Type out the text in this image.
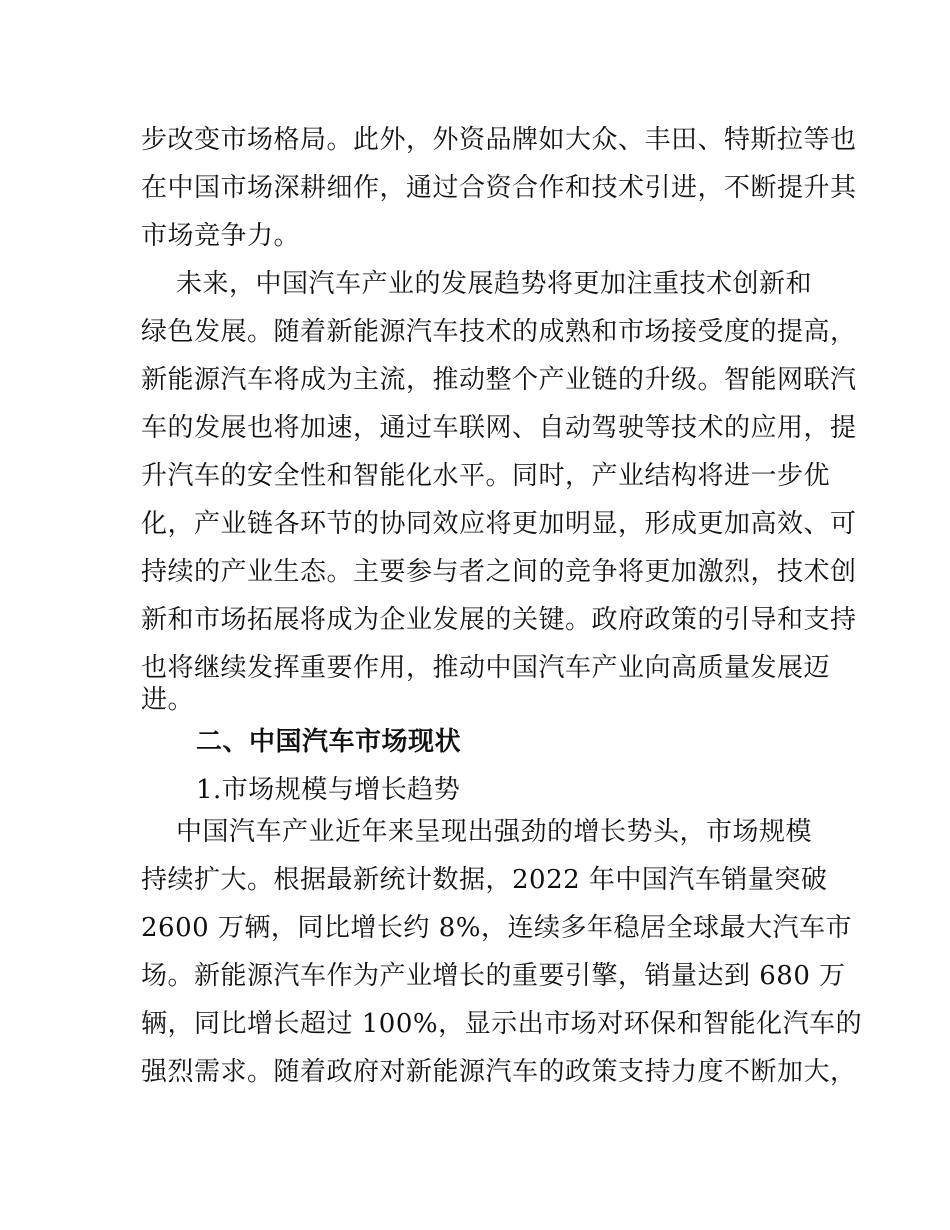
步改变市场格局。此外，外资品牌如大众、丰田、特斯拉等也
在中国市场深耕细作，通过合资合作和技术引进，不断提升其
市场竞争力。
未来，中国汽车产业的发展趋势将更加注重技术创新和
绿色发展。随着新能源汽车技术的成熟和市场接受度的提高，
新能源汽车将成为主流，推动整个产业链的升级。智能网联汽
车的发展也将加速，通过车联网、自动驾驶等技术的应用，提
升汽车的安全性和智能化水平。同时，产业结构将进一步优
化，产业链各环节的协同效应将更加明显，形成更加高效、可
持续的产业生态。主要参与者之间的竞争将更加激烈，技术创
新和市场拓展将成为企业发展的关键。政府政策的引导和支持
也将继续发挥重要作用，推动中国汽车产业向高质量发展迈
进。
二、中国汽车市场现状
1.市场规模与增长趋势
中国汽车产业近年来呈现出强劲的增长势头，市场规模
持续扩大。根据最新统计数据，2022 年中国汽车销量突破
2600 万辆，同比增长约 8%，连续多年稳居全球最大汽车市
场。新能源汽车作为产业增长的重要引擎，销量达到 680 万
辆，同比增长超过 100%，显示出市场对环保和智能化汽车的
强烈需求。随着政府对新能源汽车的政策支持力度不断加大，
